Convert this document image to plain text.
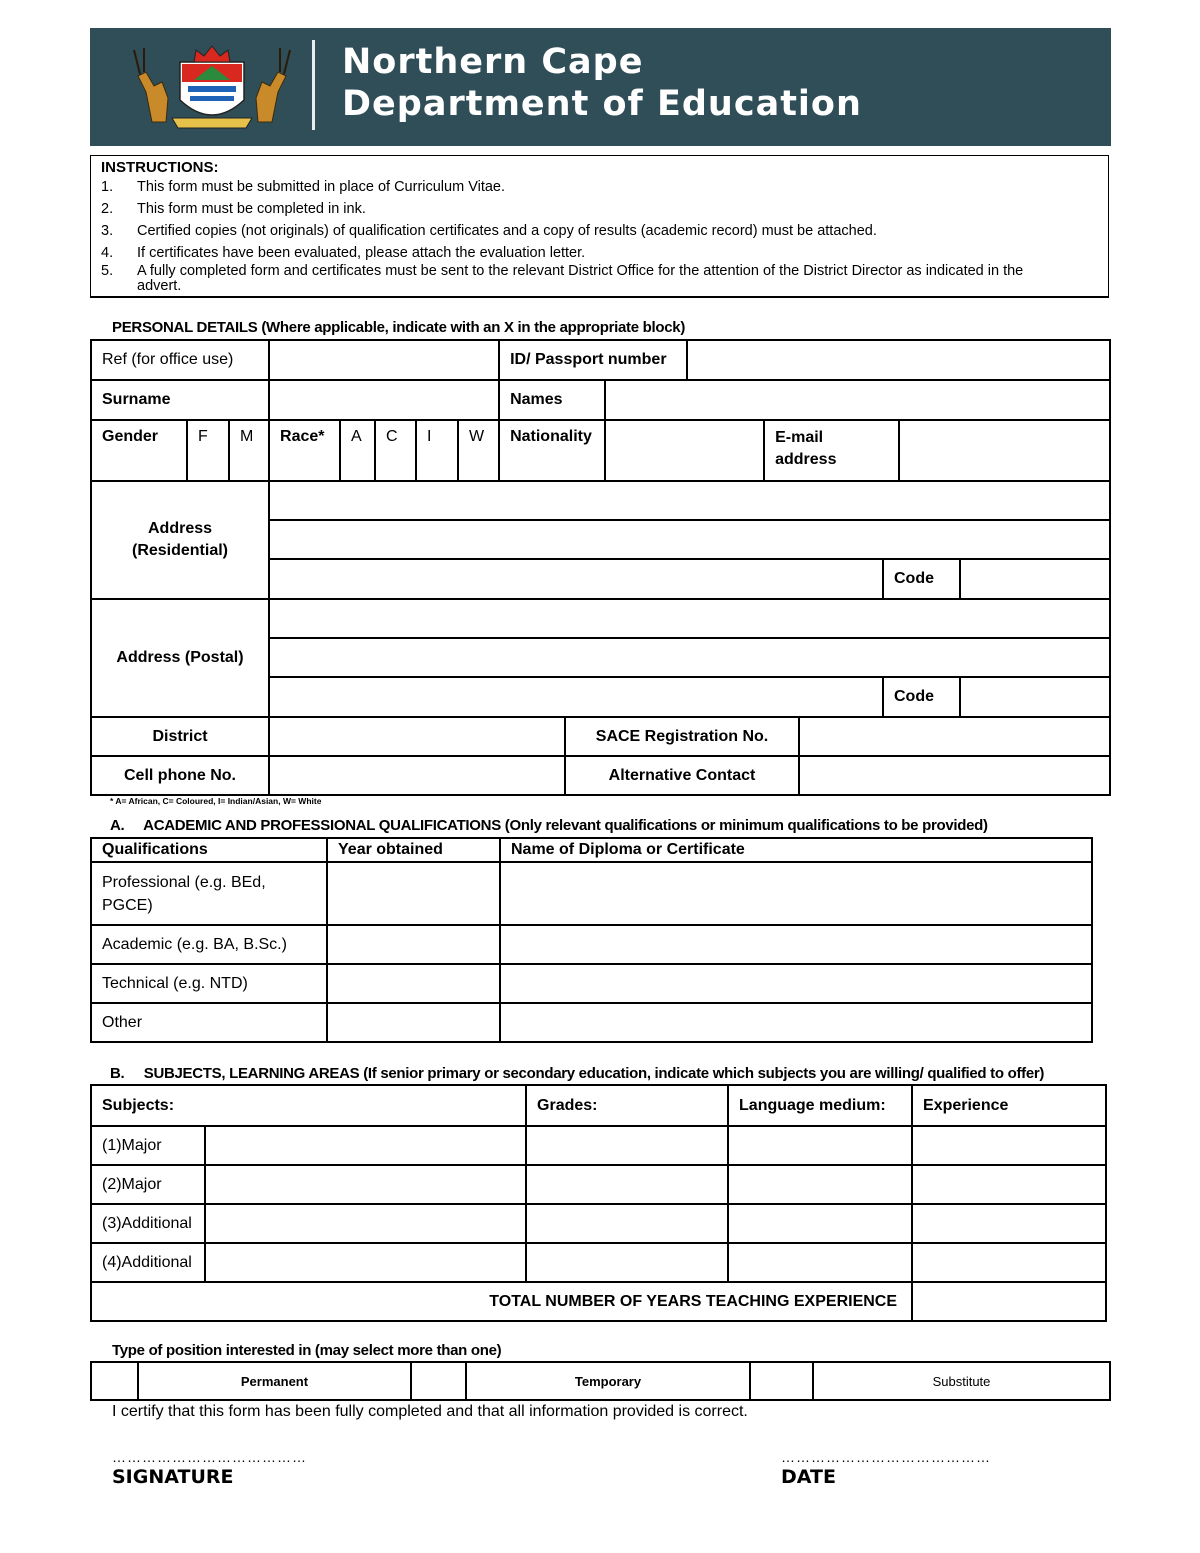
Northern Cape
Department of Education
INSTRUCTIONS:
1. This form must be submitted in place of Curriculum Vitae.
2. This form must be completed in ink.
3. Certified copies (not originals) of qualification certificates and a copy of results (academic record) must be attached.
4. If certificates have been evaluated, please attach the evaluation letter.
5. A fully completed form and certificates must be sent to the relevant District Office for the attention of the District Director as indicated in the
advert.
PERSONAL DETAILS (Where applicable, indicate with an X in the appropriate block)
Ref (for office use)								ID/ Passport number				
Surname								Names				
Gender	F	M	Race*	A	C	I	W	Nationality			E-mail
address	

Address
(Residential)			

		Code	
Address (Postal)			

		Code	
District		SACE Registration No.	
Cell phone No.		Alternative Contact	
* A= African, C= Coloured, I= Indian/Asian, W= White
A.     ACADEMIC AND PROFESSIONAL QUALIFICATIONS (Only relevant qualifications or minimum qualifications to be provided)
Qualifications	Year obtained	Name of Diploma or Certificate

Professional (e.g. BEd,
PGCE)		

Academic (e.g. BA, B.Sc.)		
Technical (e.g. NTD)		
Other		
B.     SUBJECTS, LEARNING AREAS (If senior primary or secondary education, indicate which subjects you are willing/ qualified to offer)
Subjects:		Grades:	Language medium:	Experience
(1)Major				
(2)Major				
(3)Additional				
(4)Additional				
TOTAL NUMBER OF YEARS TEACHING EXPERIENCE				
Type of position interested in (may select more than one)
	Permanent		Temporary		Substitute
I certify that this form has been fully completed and that all information provided is correct.
…………………………………
SIGNATURE
……………………………………
DATE
